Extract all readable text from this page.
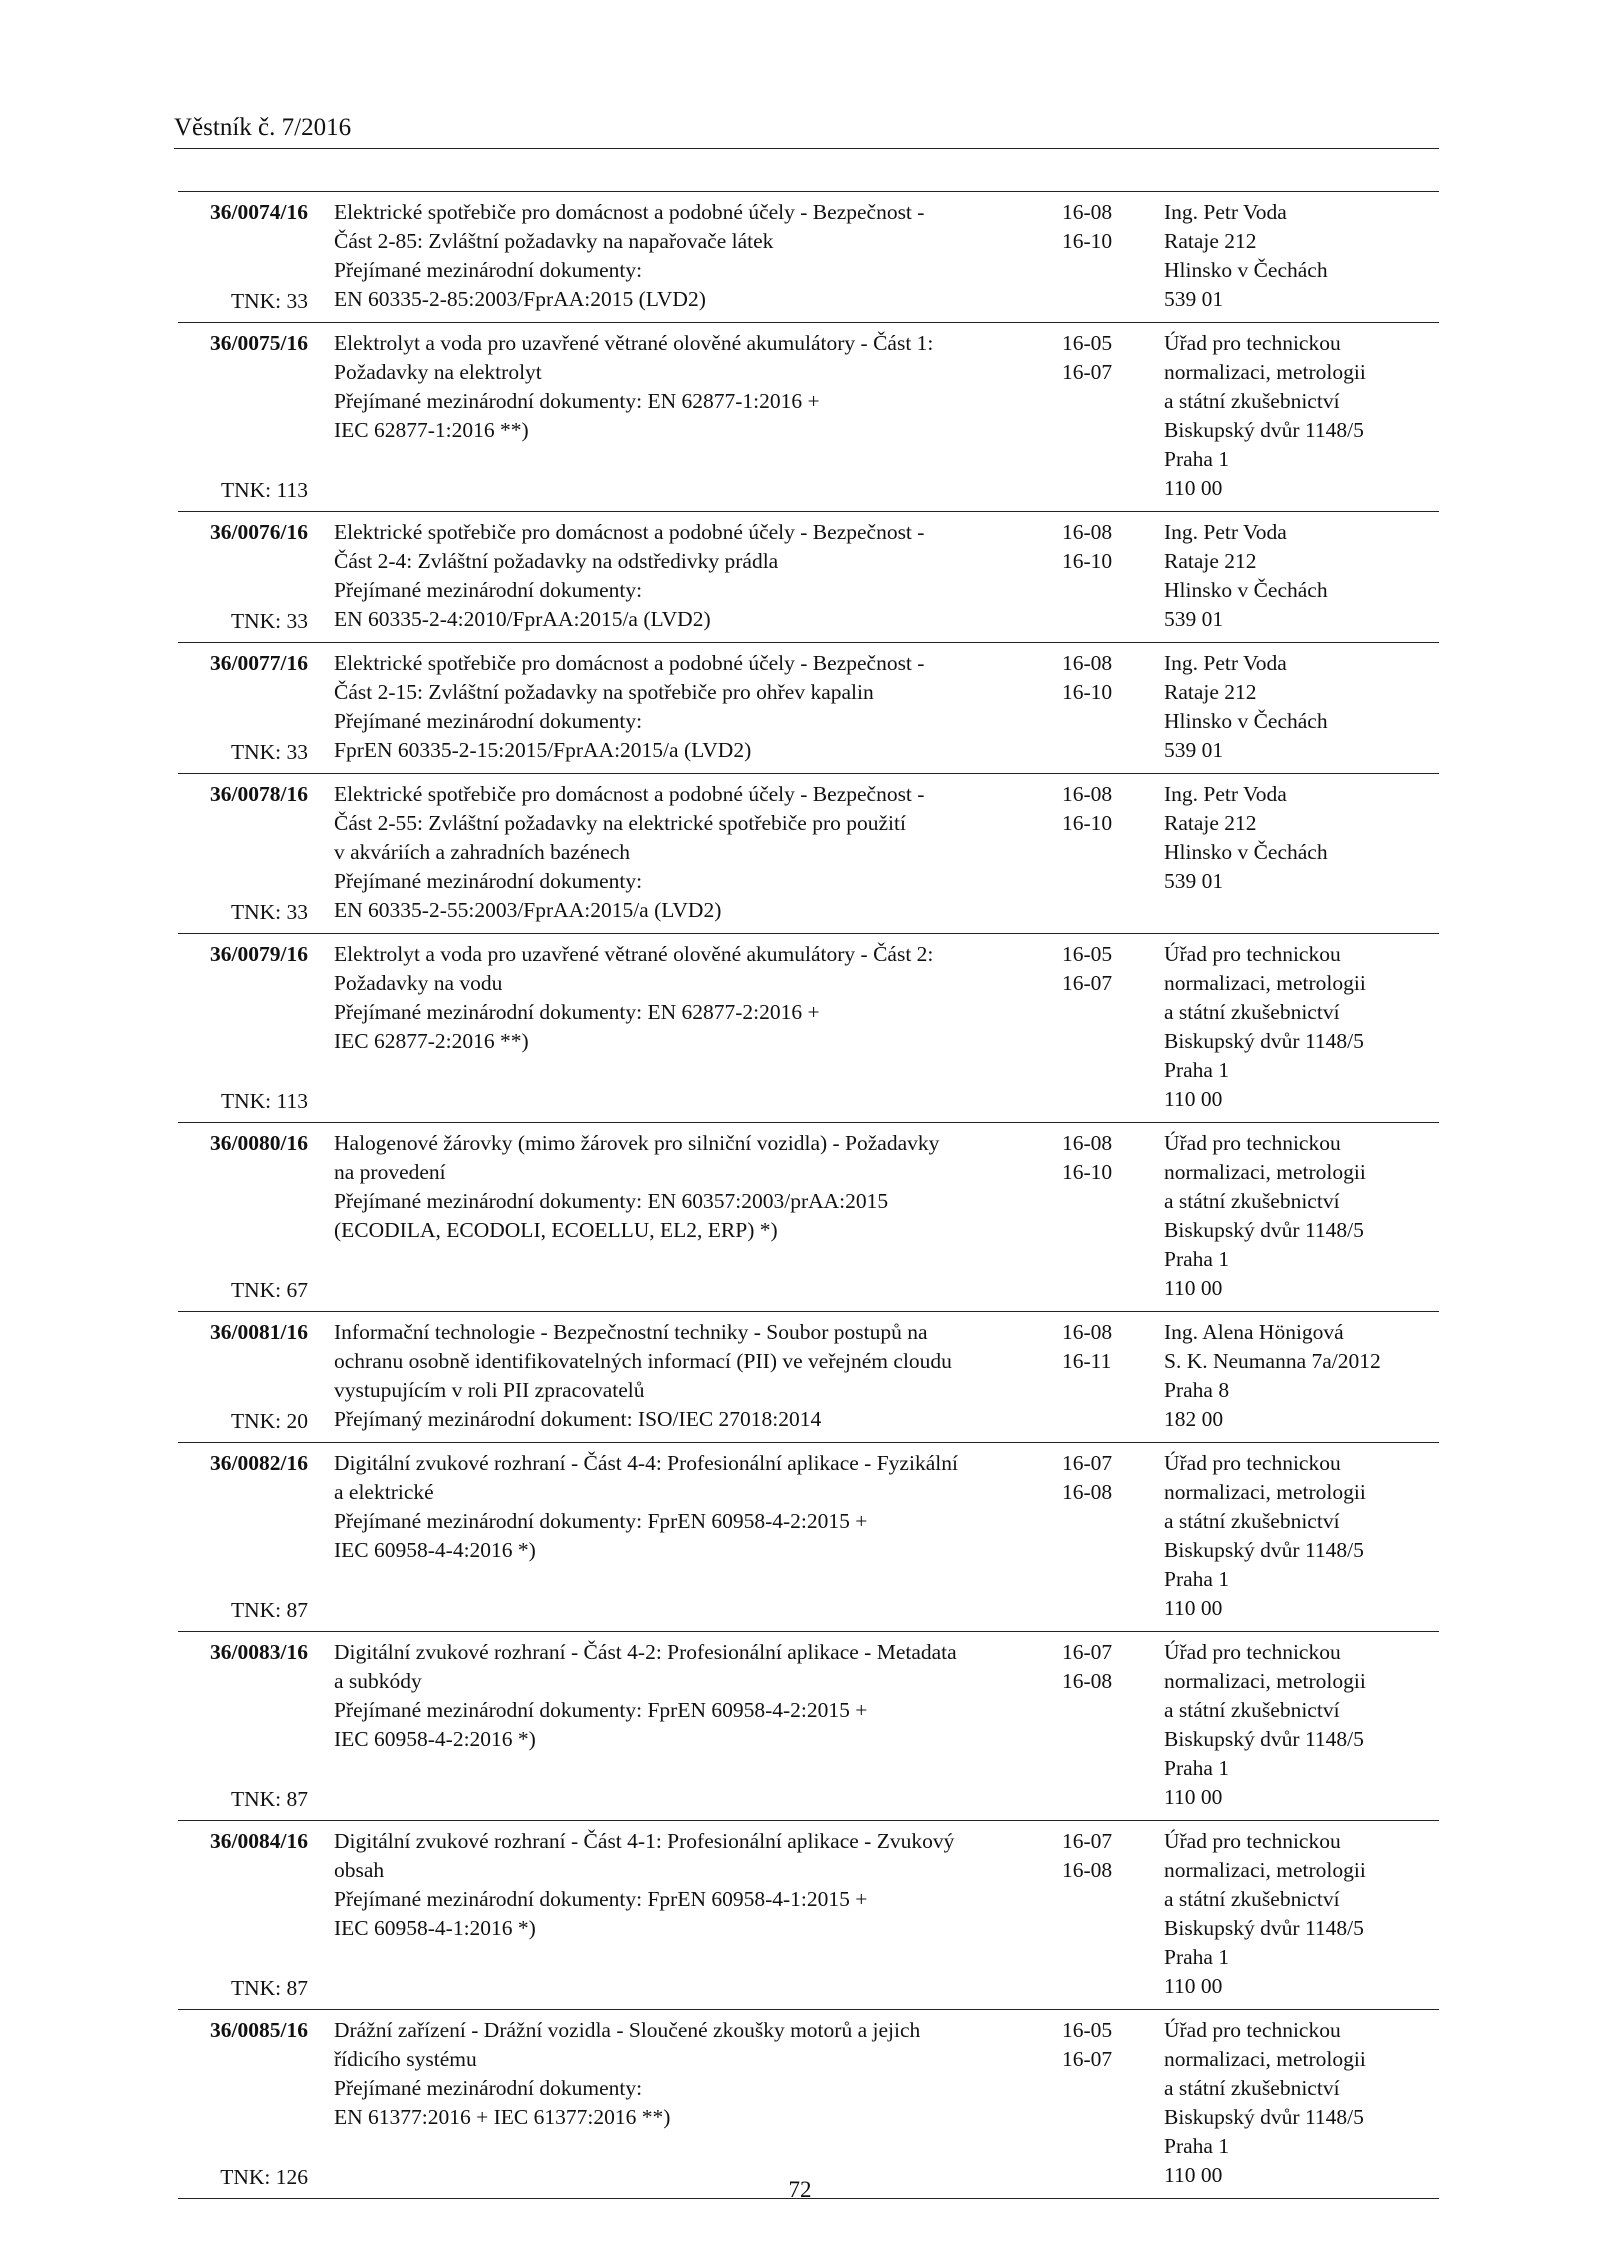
Věstník č. 7/2016
36/0074/16
TNK: 33
Elektrické spotřebiče pro domácnost a podobné účely - Bezpečnost -
Část 2-85: Zvláštní požadavky na napařovače látek
Přejímané mezinárodní dokumenty:
EN 60335-2-85:2003/FprAA:2015 (LVD2)
16-08
16-10
Ing. Petr Voda
Rataje 212
Hlinsko v Čechách
539 01
36/0075/16
TNK: 113
Elektrolyt a voda pro uzavřené větrané olověné akumulátory - Část 1:
Požadavky na elektrolyt
Přejímané mezinárodní dokumenty: EN 62877-1:2016 +
IEC 62877-1:2016 **)
16-05
16-07
Úřad pro technickou
normalizaci, metrologii
a státní zkušebnictví
Biskupský dvůr 1148/5
Praha 1
110 00
36/0076/16
TNK: 33
Elektrické spotřebiče pro domácnost a podobné účely - Bezpečnost -
Část 2-4: Zvláštní požadavky na odstředivky prádla
Přejímané mezinárodní dokumenty:
EN 60335-2-4:2010/FprAA:2015/a (LVD2)
16-08
16-10
Ing. Petr Voda
Rataje 212
Hlinsko v Čechách
539 01
36/0077/16
TNK: 33
Elektrické spotřebiče pro domácnost a podobné účely - Bezpečnost -
Část 2-15: Zvláštní požadavky na spotřebiče pro ohřev kapalin
Přejímané mezinárodní dokumenty:
FprEN 60335-2-15:2015/FprAA:2015/a (LVD2)
16-08
16-10
Ing. Petr Voda
Rataje 212
Hlinsko v Čechách
539 01
36/0078/16
TNK: 33
Elektrické spotřebiče pro domácnost a podobné účely - Bezpečnost -
Část 2-55: Zvláštní požadavky na elektrické spotřebiče pro použití
v akváriích a zahradních bazénech
Přejímané mezinárodní dokumenty:
EN 60335-2-55:2003/FprAA:2015/a (LVD2)
16-08
16-10
Ing. Petr Voda
Rataje 212
Hlinsko v Čechách
539 01
36/0079/16
TNK: 113
Elektrolyt a voda pro uzavřené větrané olověné akumulátory - Část 2:
Požadavky na vodu
Přejímané mezinárodní dokumenty: EN 62877-2:2016 +
IEC 62877-2:2016 **)
16-05
16-07
Úřad pro technickou
normalizaci, metrologii
a státní zkušebnictví
Biskupský dvůr 1148/5
Praha 1
110 00
36/0080/16
TNK: 67
Halogenové žárovky (mimo žárovek pro silniční vozidla) - Požadavky
na provedení
Přejímané mezinárodní dokumenty: EN 60357:2003/prAA:2015
(ECODILA, ECODOLI, ECOELLU, EL2, ERP) *)
16-08
16-10
Úřad pro technickou
normalizaci, metrologii
a státní zkušebnictví
Biskupský dvůr 1148/5
Praha 1
110 00
36/0081/16
TNK: 20
Informační technologie - Bezpečnostní techniky - Soubor postupů na
ochranu osobně identifikovatelných informací (PII) ve veřejném cloudu
vystupujícím v roli PII zpracovatelů
Přejímaný mezinárodní dokument: ISO/IEC 27018:2014
16-08
16-11
Ing. Alena Hönigová
S. K. Neumanna 7a/2012
Praha 8
182 00
36/0082/16
TNK: 87
Digitální zvukové rozhraní - Část 4-4: Profesionální aplikace - Fyzikální
a elektrické
Přejímané mezinárodní dokumenty: FprEN 60958-4-2:2015 +
IEC 60958-4-4:2016 *)
16-07
16-08
Úřad pro technickou
normalizaci, metrologii
a státní zkušebnictví
Biskupský dvůr 1148/5
Praha 1
110 00
36/0083/16
TNK: 87
Digitální zvukové rozhraní - Část 4-2: Profesionální aplikace - Metadata
a subkódy
Přejímané mezinárodní dokumenty: FprEN 60958-4-2:2015 +
IEC 60958-4-2:2016 *)
16-07
16-08
Úřad pro technickou
normalizaci, metrologii
a státní zkušebnictví
Biskupský dvůr 1148/5
Praha 1
110 00
36/0084/16
TNK: 87
Digitální zvukové rozhraní - Část 4-1: Profesionální aplikace - Zvukový
obsah
Přejímané mezinárodní dokumenty: FprEN 60958-4-1:2015 +
IEC 60958-4-1:2016 *)
16-07
16-08
Úřad pro technickou
normalizaci, metrologii
a státní zkušebnictví
Biskupský dvůr 1148/5
Praha 1
110 00
36/0085/16
TNK: 126
Drážní zařízení - Drážní vozidla - Sloučené zkoušky motorů a jejich
řídicího systému
Přejímané mezinárodní dokumenty:
EN 61377:2016 + IEC 61377:2016 **)
16-05
16-07
Úřad pro technickou
normalizaci, metrologii
a státní zkušebnictví
Biskupský dvůr 1148/5
Praha 1
110 00
72
